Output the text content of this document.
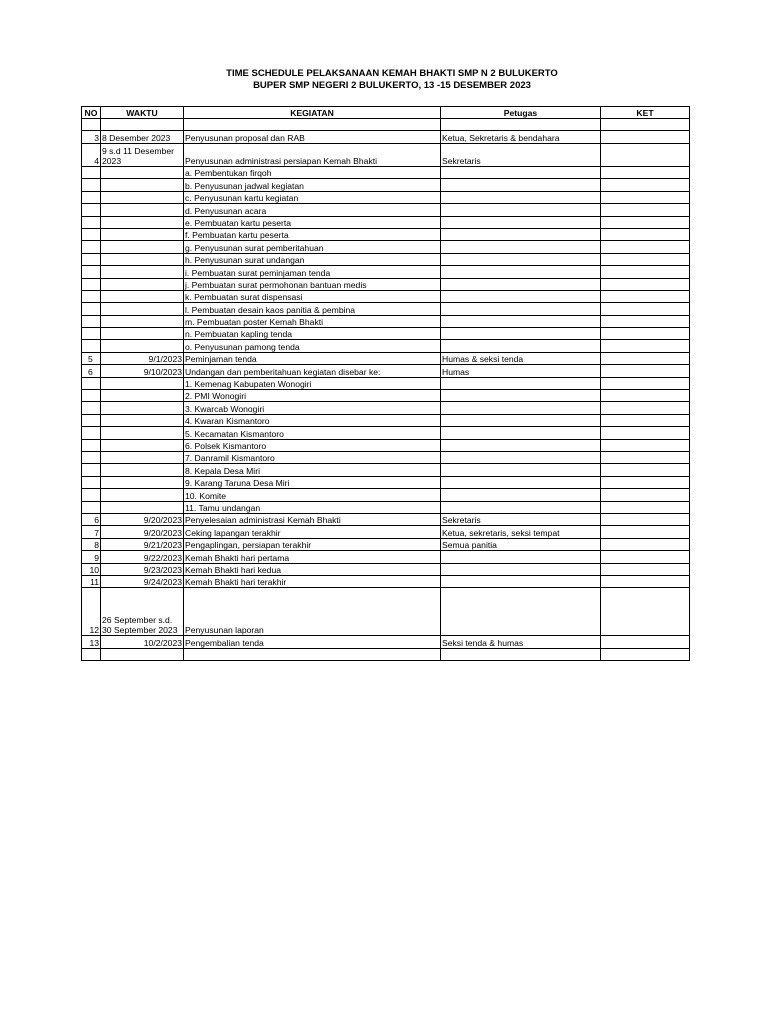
TIME SCHEDULE PELAKSANAAN KEMAH BHAKTI SMP N 2 BULUKERTO
BUPER SMP NEGERI 2 BULUKERTO, 13 -15 DESEMBER 2023
NO	WAKTU	KEGIATAN	Petugas	KET

3	8 Desember 2023	Penyusunan proposal dan RAB	Ketua, Sekretaris & bendahara	
4	9 s.d 11 Desember 2023	Penyusunan administrasi persiapan Kemah Bhakti	Sekretaris	
		a. Pembentukan firqoh		
		b. Penyusunan jadwal kegiatan		
		c. Penyusunan kartu kegiatan		
		d. Penyusunan acara		
		e. Pembuatan kartu peserta		
		f. Pembuatan kartu peserta		
		g. Penyusunan surat pemberitahuan		
		h. Penyusunan surat undangan		
		i. Pembuatan surat peminjaman tenda		
		j. Pembuatan surat permohonan bantuan medis		
		k. Pembuatan surat dispensasi		
		l. Pembuatan desain kaos panitia & pembina		
		m. Pembuatan poster Kemah Bhakti		
		n. Pembuatan kapling tenda		
		o. Penyusunan pamong tenda		
5	9/1/2023	Peminjaman tenda	Humas & seksi tenda	
6	9/10/2023	Undangan dan pemberitahuan kegiatan disebar ke:	Humas	
		1. Kemenag Kabupaten Wonogiri		
		2. PMI Wonogiri		
		3. Kwarcab Wonogiri		
		4. Kwaran Kismantoro		
		5. Kecamatan Kismantoro		
		6. Polsek Kismantoro		
		7. Danramil Kismantoro		
		8. Kepala Desa Miri		
		9. Karang Taruna Desa Miri		
		10. Komite		
		11. Tamu undangan		
6	9/20/2023	Penyelesaian administrasi Kemah Bhakti	Sekretaris	
7	9/20/2023	Ceking lapangan terakhir	Ketua, sekretaris, seksi tempat	
8	9/21/2023	Pengaplingan, persiapan terakhir	Semua panitia	
9	9/22/2023	Kemah Bhakti hari pertama		
10	9/23/2023	Kemah Bhakti hari kedua		
11	9/24/2023	Kemah Bhakti hari terakhir		
12	26 September s.d. 30 September 2023	Penyusunan laporan		
13	10/2/2023	Pengembalian tenda	Seksi tenda & humas	
